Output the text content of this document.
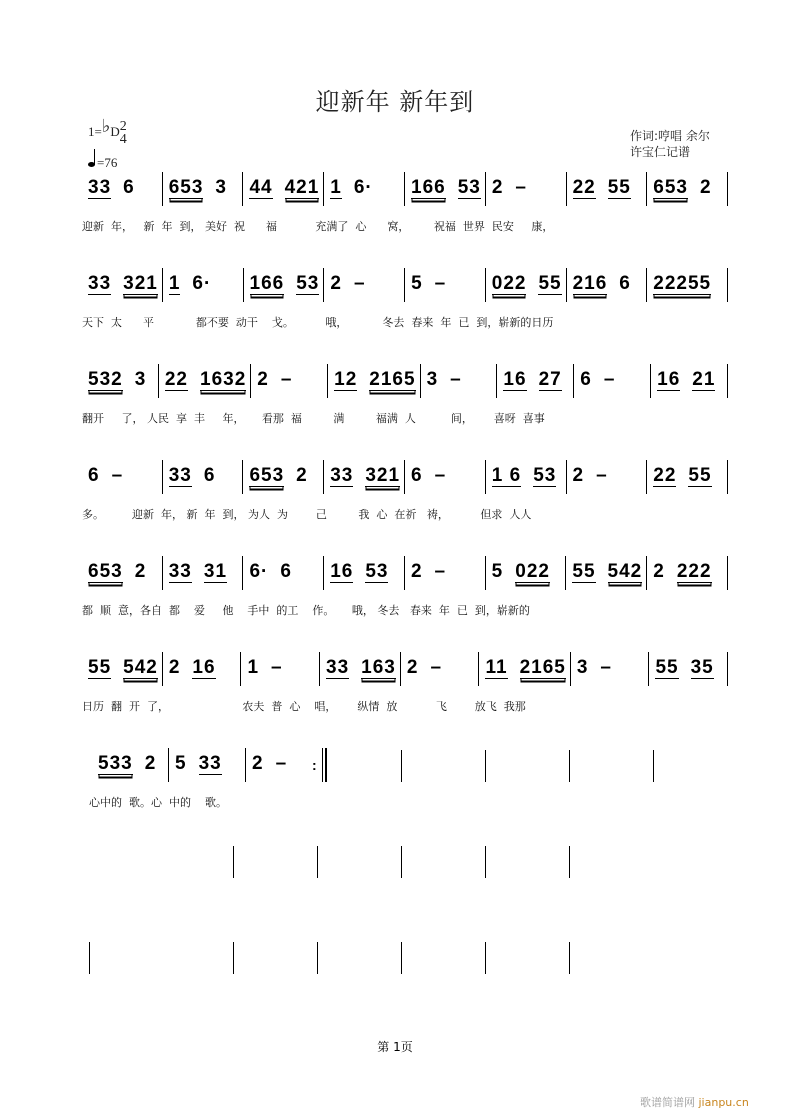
迎新年 新年到
1=♭D2
4
=76
作词:哼唱 余尔
许宝仁记谱
33 6 653 3 44 421 1 6· 166 53 2 – 22 55 653 2
迎新  年，   新  年  到， 美好  祝      福           充满了  心      窝，       祝福  世界  民安     康，
33 321 1 6· 166 53 2 – 5 – 022 55 216 6 22255
天下  太      平            都不要  动干    戈。         哦，          冬去  春来  年  已  到，崭新的日历
532 3 22 1632 2 – 12 2165 3 – 16 27 6 – 16 21
翻开     了， 人民  享  丰     年，     看那  福         满         福满  人          间，      喜呀  喜事
6 – 33 6 653 2 33 321 6 – 1 6 53 2 – 22 55
多。        迎新  年， 新  年  到， 为人  为        己         我  心  在祈   祷，         但求  人人
653 2 33 31 6· 6 16 53 2 – 5 022 55 542 2 222
都  顺  意，各自  都    爱     他    手中  的工    作。     哦， 冬去   春来  年  已  到，崭新的
55 542 2 16 1 – 33 163 2 – 11 2165 3 – 55 35
日历  翻  开  了，                     农夫  普  心    唱，      纵情  放           飞        放飞  我那
533 2 5 33 2 –
心中的  歌。心  中的    歌。
:
第 1页
歌谱简谱网 jianpu.cn
